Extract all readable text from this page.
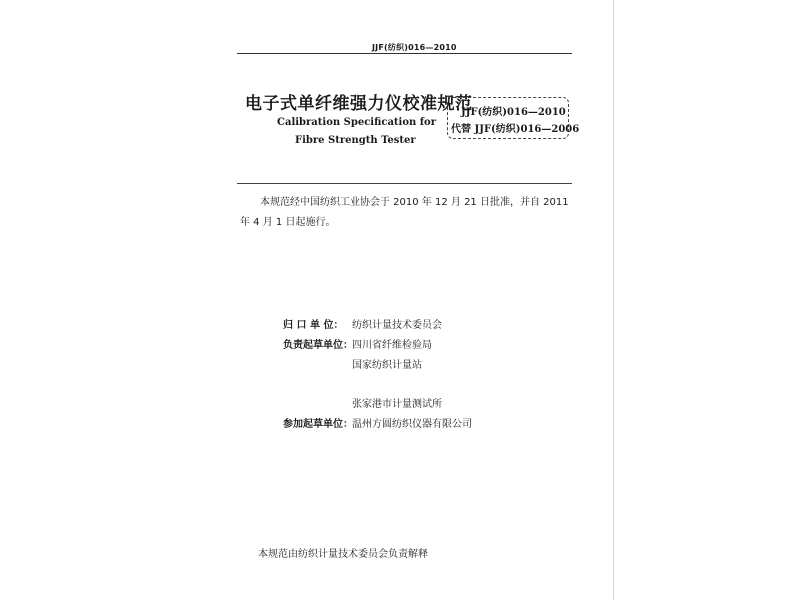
JJF(纺织)016—2010
电子式单纤维强力仪校准规范
Calibration Specification for
Fibre Strength Tester
JJF(纺织)016—2010
代替 JJF(纺织)016—2006
本规范经中国纺织工业协会于 2010 年 12 月 21 日批准，并自 2011 年 4 月 1 日起施行。
归 口 单 位： 纺织计量技术委员会
负责起草单位：四川省纤维检验局
国家纺织计量站
张家港市计量测试所
参加起草单位：温州方圆纺织仪器有限公司
本规范由纺织计量技术委员会负责解释
